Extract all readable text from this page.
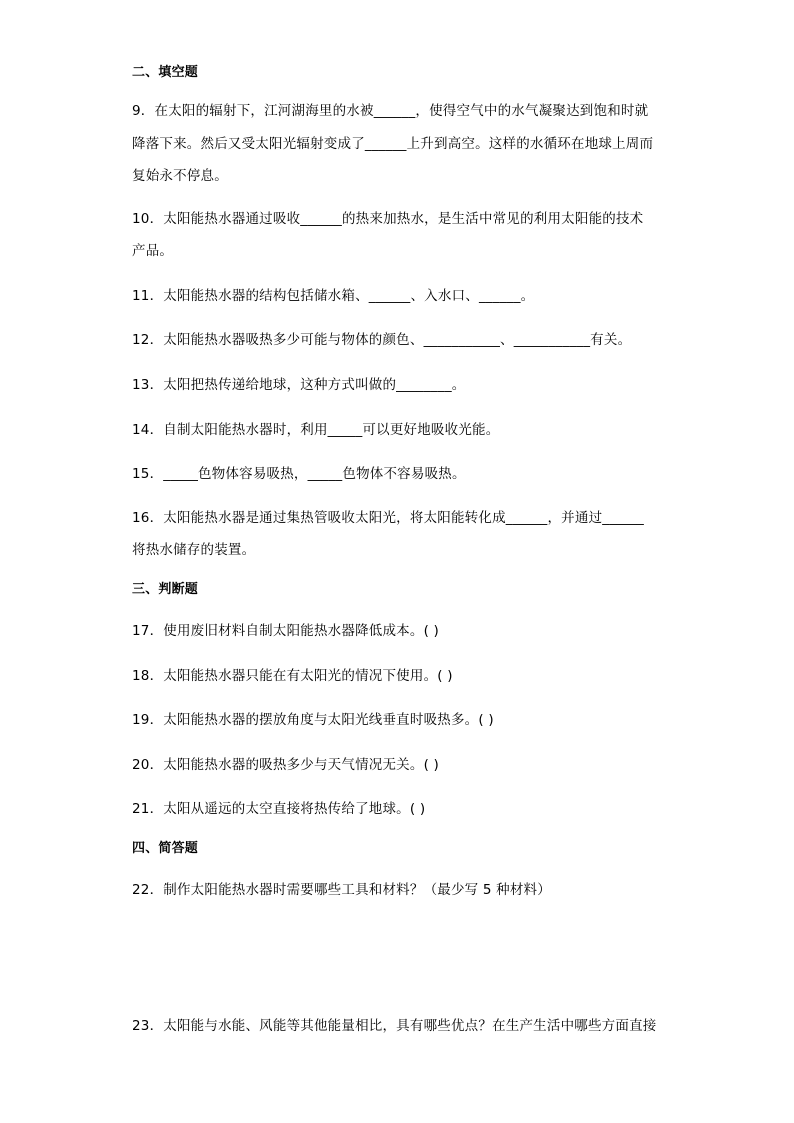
二、填空题
9．在太阳的辐射下，江河湖海里的水被______，使得空气中的水气凝聚达到饱和时就
降落下来。然后又受太阳光辐射变成了______上升到高空。这样的水循环在地球上周而
复始永不停息。
10．太阳能热水器通过吸收______的热来加热水，是生活中常见的利用太阳能的技术
产品。
11．太阳能热水器的结构包括储水箱、______、入水口、______。
12．太阳能热水器吸热多少可能与物体的颜色、___________、___________有关。
13．太阳把热传递给地球，这种方式叫做的________。
14．自制太阳能热水器时，利用_____可以更好地吸收光能。
15．_____色物体容易吸热，_____色物体不容易吸热。
16．太阳能热水器是通过集热管吸收太阳光，将太阳能转化成______，并通过______
将热水储存的装置。
三、判断题
17．使用废旧材料自制太阳能热水器降低成本。( )
18．太阳能热水器只能在有太阳光的情况下使用。( )
19．太阳能热水器的摆放角度与太阳光线垂直时吸热多。( )
20．太阳能热水器的吸热多少与天气情况无关。( )
21．太阳从遥远的太空直接将热传给了地球。( )
四、简答题
22．制作太阳能热水器时需要哪些工具和材料？（最少写 5 种材料）
23．太阳能与水能、风能等其他能量相比，具有哪些优点？在生产生活中哪些方面直接
